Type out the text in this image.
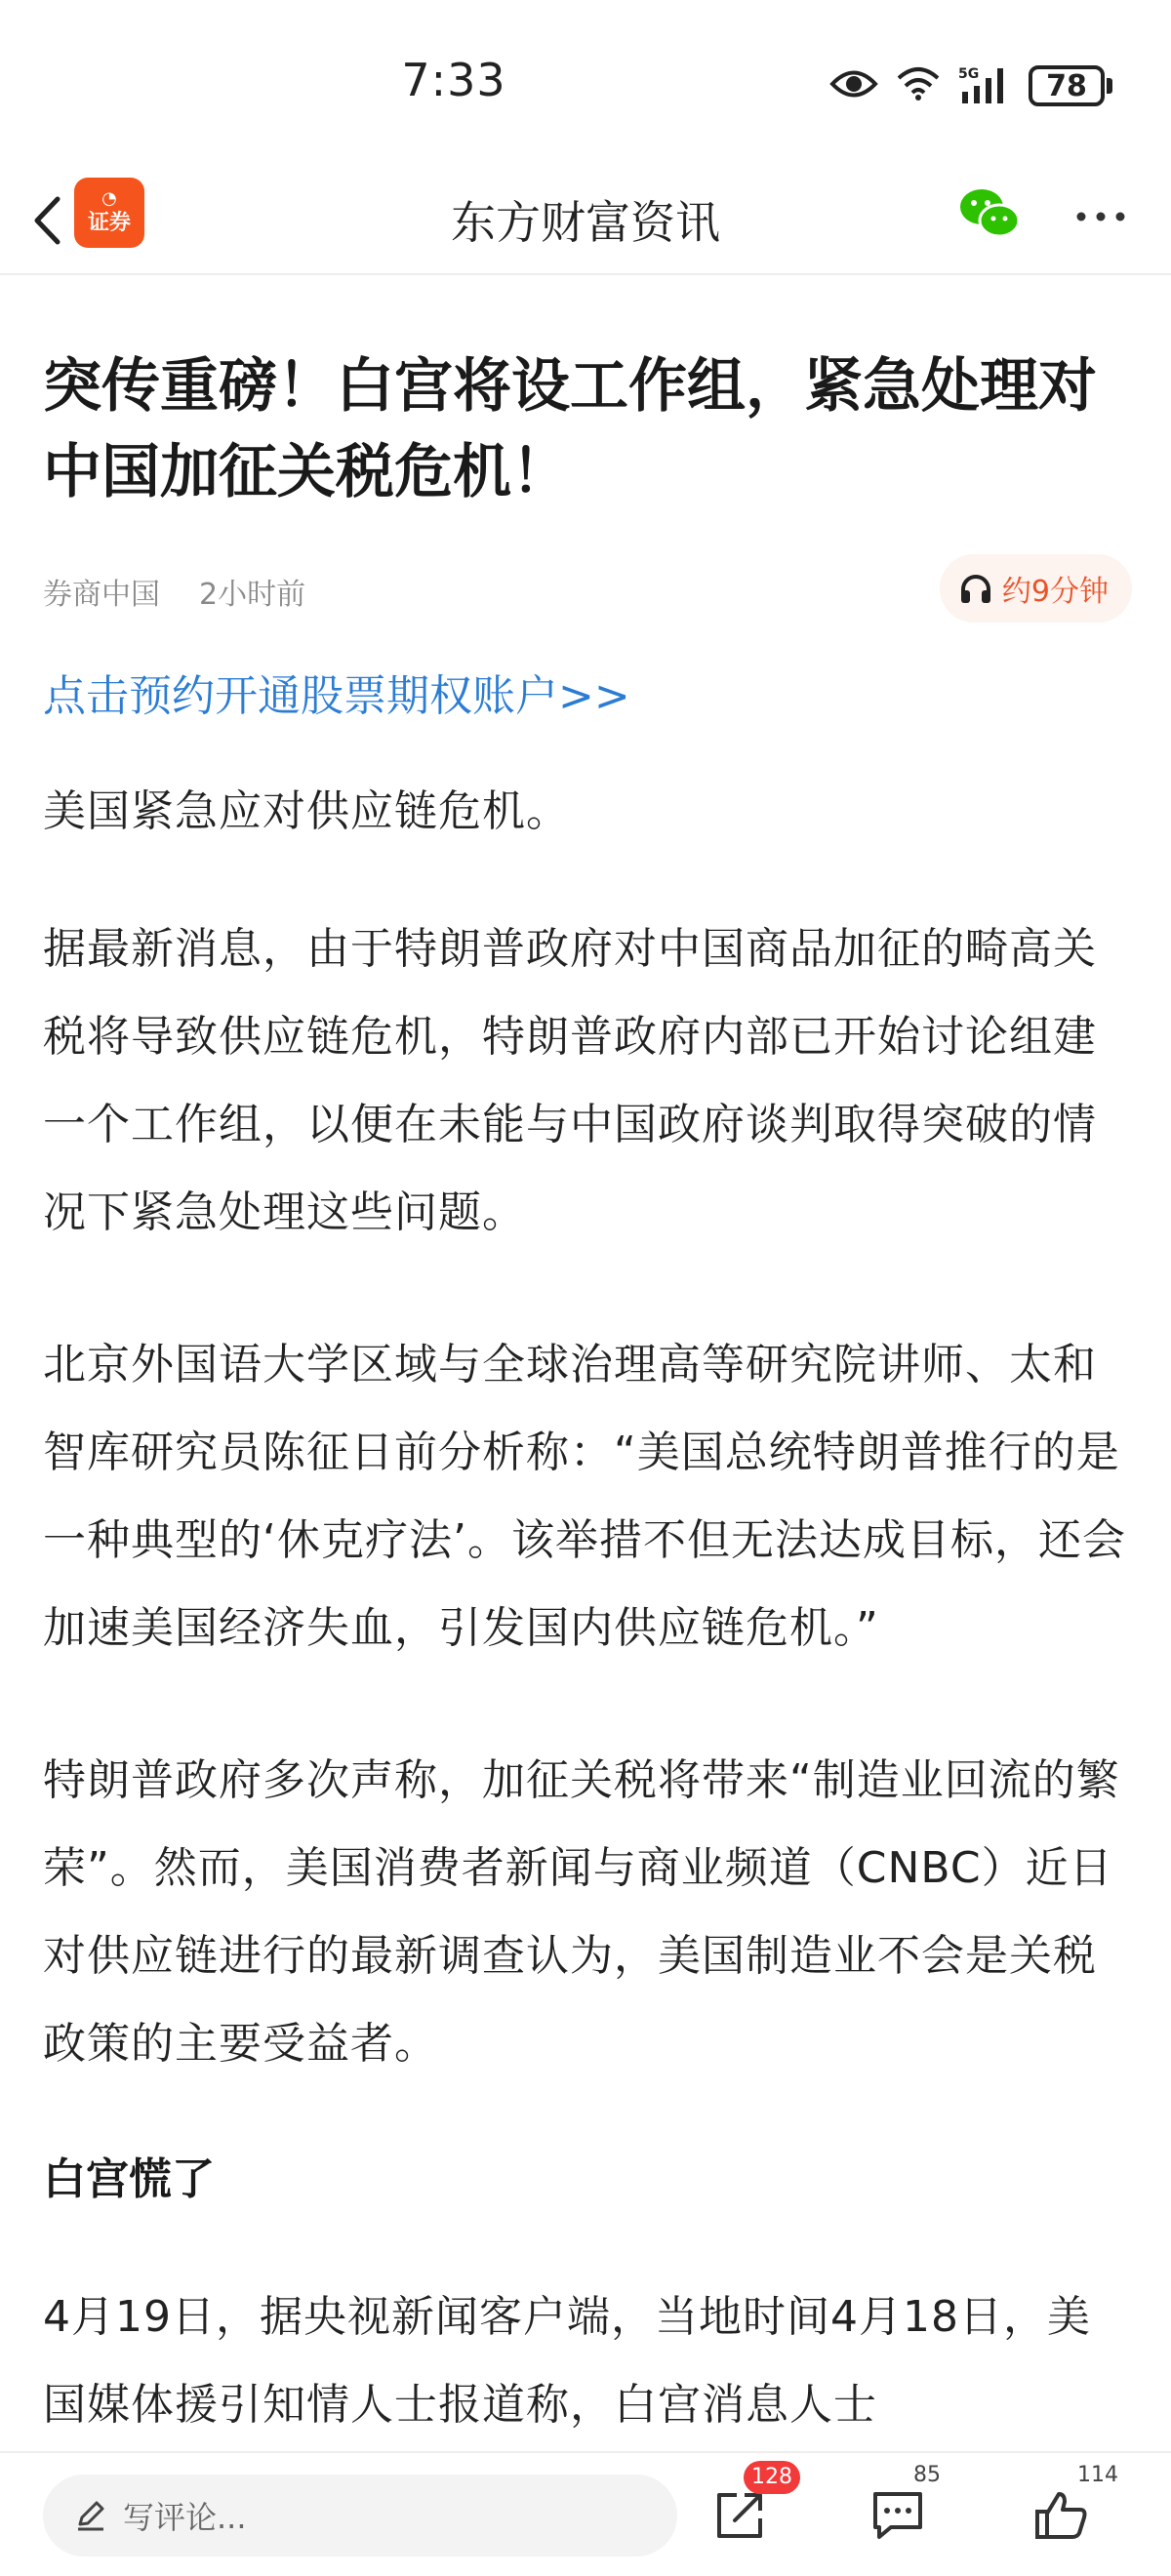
7:33	5G	78
◔
证券	东方财富资讯
突传重磅！白宫将设工作组，紧急处理对中国加征关税危机！
券商中国 2小时前	约9分钟
点击预约开通股票期权账户>>

美国紧急应对供应链危机。

据最新消息，由于特朗普政府对中国商品加征的畸高关税将导致供应链危机，特朗普政府内部已开始讨论组建一个工作组，以便在未能与中国政府谈判取得突破的情况下紧急处理这些问题。

北京外国语大学区域与全球治理高等研究院讲师、太和智库研究员陈征日前分析称：“美国总统特朗普推行的是一种典型的‘休克疗法’。该举措不但无法达成目标，还会加速美国经济失血，引发国内供应链危机。”

特朗普政府多次声称，加征关税将带来“制造业回流的繁荣”。然而，美国消费者新闻与商业频道（CNBC）近日对供应链进行的最新调查认为，美国制造业不会是关税政策的主要受益者。

白宫慌了

4月19日，据央视新闻客户端，当地时间4月18日，美国媒体援引知情人士报道称，白宫消息人士

写评论...
128	85	114
